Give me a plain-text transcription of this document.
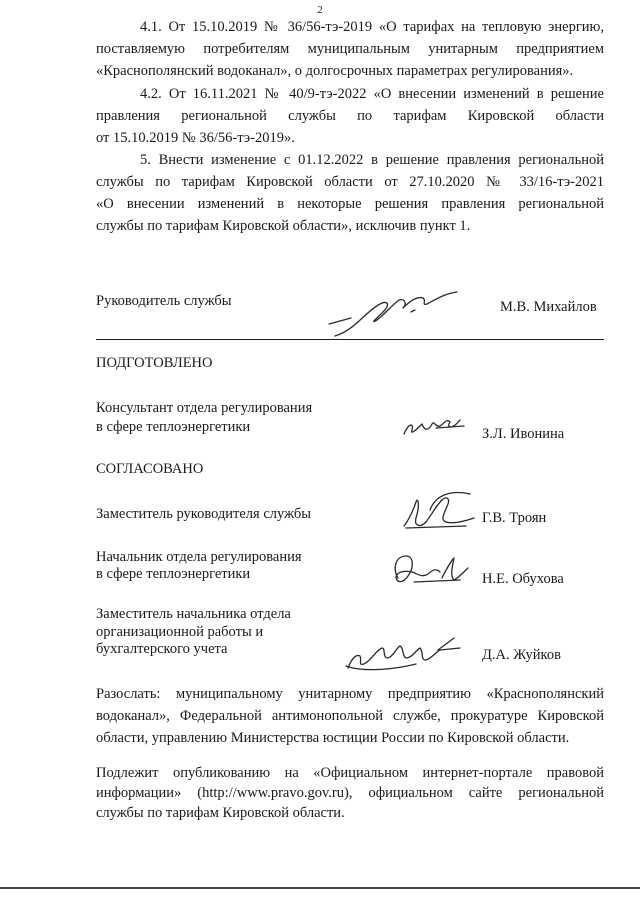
2
4.1. От 15.10.2019 № 36/56-тэ-2019 «О тарифах на тепловую энергию,
поставляемую потребителям муниципальным унитарным предприятием
«Краснополянский водоканал», о долгосрочных параметрах регулирования».
4.2. От 16.11.2021 № 40/9-тэ-2022 «О внесении изменений в решение
правления региональной службы по тарифам Кировской области
от 15.10.2019 № 36/56-тэ-2019».
5. Внести изменение с 01.12.2022 в решение правления региональной
службы по тарифам Кировской области от 27.10.2020 № 33/16-тэ-2021
«О внесении изменений в некоторые решения правления региональной
службы по тарифам Кировской области», исключив пункт 1.
Руководитель службы	М.В. Михайлов
ПОДГОТОВЛЕНО
Консультант отдела регулирования
в сфере теплоэнергетики	З.Л. Ивонина
СОГЛАСОВАНО
Заместитель руководителя службы	Г.В. Троян
Начальник отдела регулирования
в сфере теплоэнергетики	Н.Е. Обухова
Заместитель начальника отдела
организационной работы и
бухгалтерского учета	Д.А. Жуйков
Разослать: муниципальному унитарному предприятию «Краснополянский
водоканал», Федеральной антимонопольной службе, прокуратуре Кировской
области, управлению Министерства юстиции России по Кировской области.
Подлежит опубликованию на «Официальном интернет-портале правовой
информации» (http://www.pravo.gov.ru), официальном сайте региональной
службы по тарифам Кировской области.
